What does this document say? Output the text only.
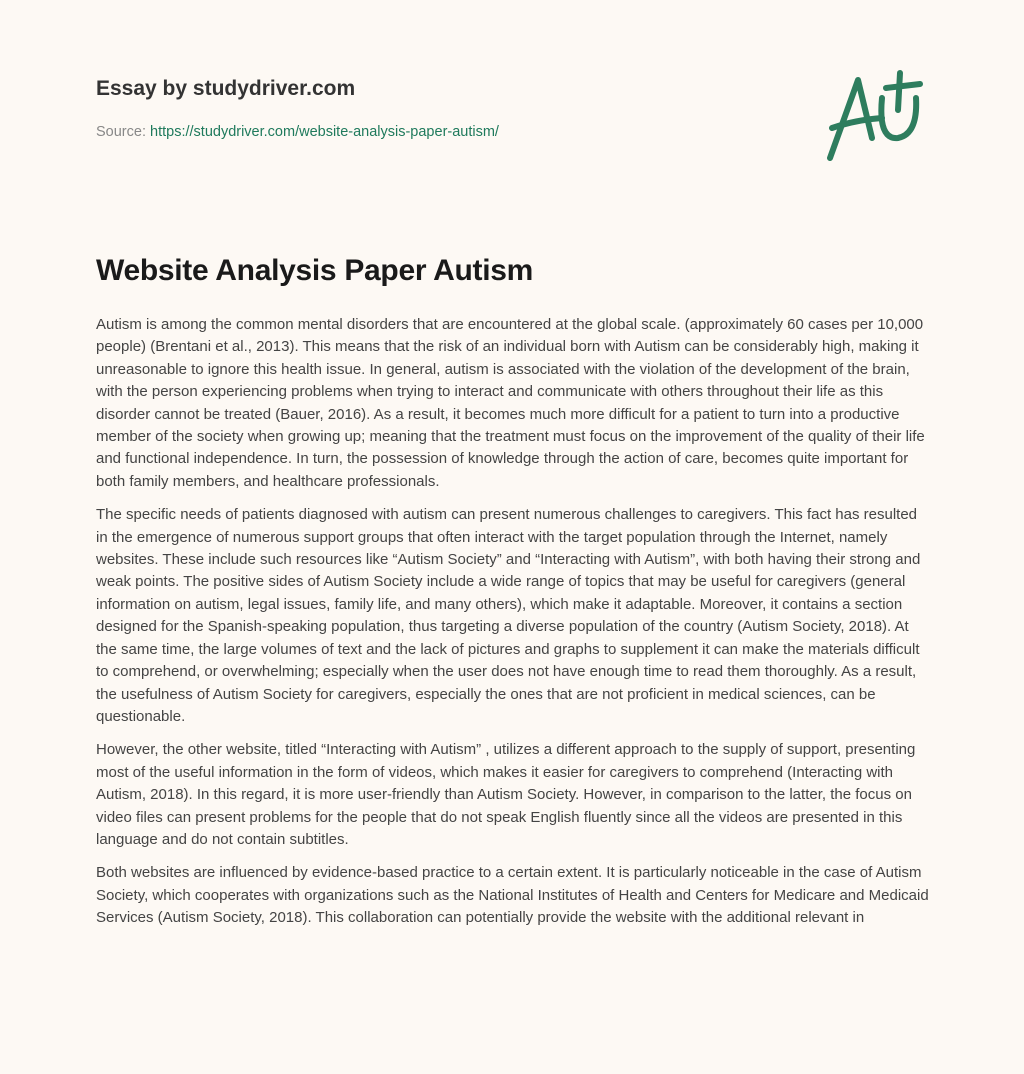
Essay by studydriver.com

Source: https://studydriver.com/website-analysis-paper-autism/
Website Analysis Paper Autism

Autism is among the common mental disorders that are encountered at the global scale. (approximately 60 cases per 10,000 people) (Brentani et al., 2013). This means that the risk of an individual born with Autism can be considerably high, making it unreasonable to ignore this health issue. In general, autism is associated with the violation of the development of the brain, with the person experiencing problems when trying to interact and communicate with others throughout their life as this disorder cannot be treated (Bauer, 2016). As a result, it becomes much more difficult for a patient to turn into a productive member of the society when growing up; meaning that the treatment must focus on the improvement of the quality of their life and functional independence. In turn, the possession of knowledge through the action of care, becomes quite important for both family members, and healthcare professionals.

The specific needs of patients diagnosed with autism can present numerous challenges to caregivers. This fact has resulted in the emergence of numerous support groups that often interact with the target population through the Internet, namely websites. These include such resources like “Autism Society” and “Interacting with Autism”, with both having their strong and weak points. The positive sides of Autism Society include a wide range of topics that may be useful for caregivers (general information on autism, legal issues, family life, and many others), which make it adaptable. Moreover, it contains a section designed for the Spanish-speaking population, thus targeting a diverse population of the country (Autism Society, 2018). At the same time, the large volumes of text and the lack of pictures and graphs to supplement it can make the materials difficult to comprehend, or overwhelming; especially when the user does not have enough time to read them thoroughly. As a result, the usefulness of Autism Society for caregivers, especially the ones that are not proficient in medical sciences, can be questionable.

However, the other website, titled “Interacting with Autism” , utilizes a different approach to the supply of support, presenting most of the useful information in the form of videos, which makes it easier for caregivers to comprehend (Interacting with Autism, 2018). In this regard, it is more user-friendly than Autism Society. However, in comparison to the latter, the focus on video files can present problems for the people that do not speak English fluently since all the videos are presented in this language and do not contain subtitles.

Both websites are influenced by evidence-based practice to a certain extent. It is particularly noticeable in the case of Autism Society, which cooperates with organizations such as the National Institutes of Health and Centers for Medicare and Medicaid Services (Autism Society, 2018). This collaboration can potentially provide the website with the additional relevant in
